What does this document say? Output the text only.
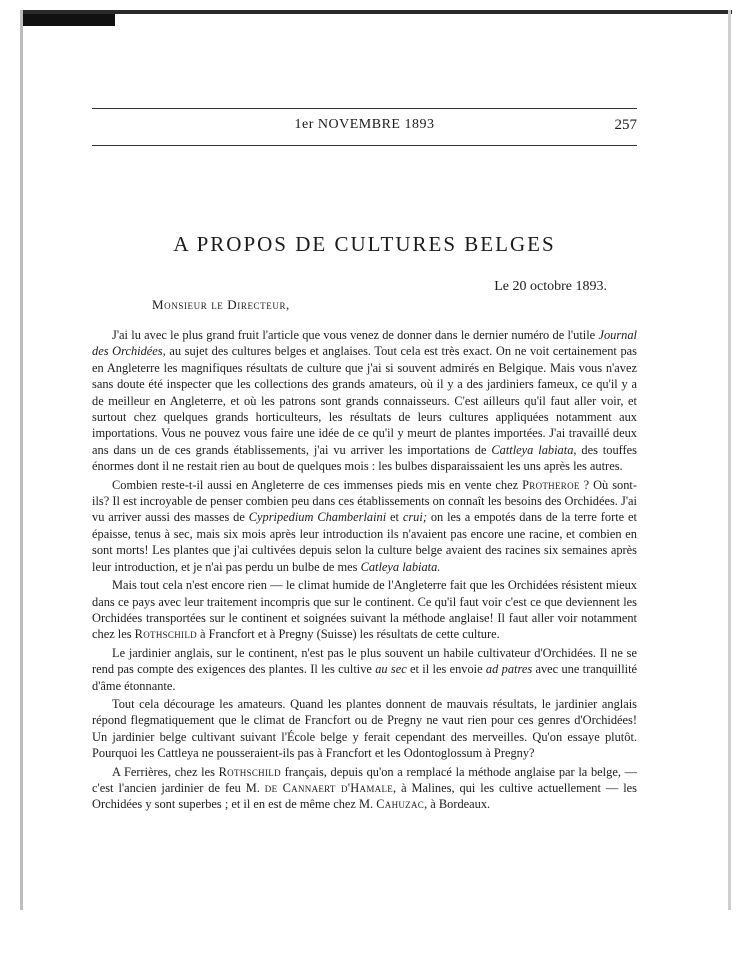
1er NOVEMBRE 1893	257
A PROPOS DE CULTURES BELGES
Le 20 octobre 1893.
Monsieur le Directeur,

J'ai lu avec le plus grand fruit l'article que vous venez de donner dans le dernier numéro de l'utile Journal des Orchidées, au sujet des cultures belges et anglaises. Tout cela est très exact. On ne voit certainement pas en Angleterre les magnifiques résultats de culture que j'ai si souvent admirés en Belgique. Mais vous n'avez sans doute été inspecter que les collections des grands amateurs, où il y a des jardiniers fameux, ce qu'il y a de meilleur en Angleterre, et où les patrons sont grands connaisseurs. C'est ailleurs qu'il faut aller voir, et surtout chez quelques grands horticulteurs, les résultats de leurs cultures appliquées notamment aux importations. Vous ne pouvez vous faire une idée de ce qu'il y meurt de plantes importées. J'ai travaillé deux ans dans un de ces grands établissements, j'ai vu arriver les importations de Cattleya labiata, des touffes énormes dont il ne restait rien au bout de quelques mois : les bulbes disparaissaient les uns après les autres.

Combien reste-t-il aussi en Angleterre de ces immenses pieds mis en vente chez Protheroe ? Où sont-ils? Il est incroyable de penser combien peu dans ces établissements on connaît les besoins des Orchidées. J'ai vu arriver aussi des masses de Cypripedium Chamberlaini et crui; on les a empotés dans de la terre forte et épaisse, tenus à sec, mais six mois après leur introduction ils n'avaient pas encore une racine, et combien en sont morts! Les plantes que j'ai cultivées depuis selon la culture belge avaient des racines six semaines après leur introduction, et je n'ai pas perdu un bulbe de mes Catleya labiata.

Mais tout cela n'est encore rien — le climat humide de l'Angleterre fait que les Orchidées résistent mieux dans ce pays avec leur traitement incompris que sur le continent. Ce qu'il faut voir c'est ce que deviennent les Orchidées transportées sur le continent et soignées suivant la méthode anglaise! Il faut aller voir notamment chez les Rothschild à Francfort et à Pregny (Suisse) les résultats de cette culture.

Le jardinier anglais, sur le continent, n'est pas le plus souvent un habile cultivateur d'Orchidées. Il ne se rend pas compte des exigences des plantes. Il les cultive au sec et il les envoie ad patres avec une tranquillité d'âme étonnante.

Tout cela décourage les amateurs. Quand les plantes donnent de mauvais résultats, le jardinier anglais répond flegmatiquement que le climat de Francfort ou de Pregny ne vaut rien pour ces genres d'Orchidées! Un jardinier belge cultivant suivant l'École belge y ferait cependant des merveilles. Qu'on essaye plutôt. Pourquoi les Cattleya ne pousseraient-ils pas à Francfort et les Odontoglossum à Pregny?

A Ferrières, chez les Rothschild français, depuis qu'on a remplacé la méthode anglaise par la belge, — c'est l'ancien jardinier de feu M. de Cannaert d'Hamale, à Malines, qui les cultive actuellement — les Orchidées y sont superbes ; et il en est de même chez M. Cahuzac, à Bordeaux.
